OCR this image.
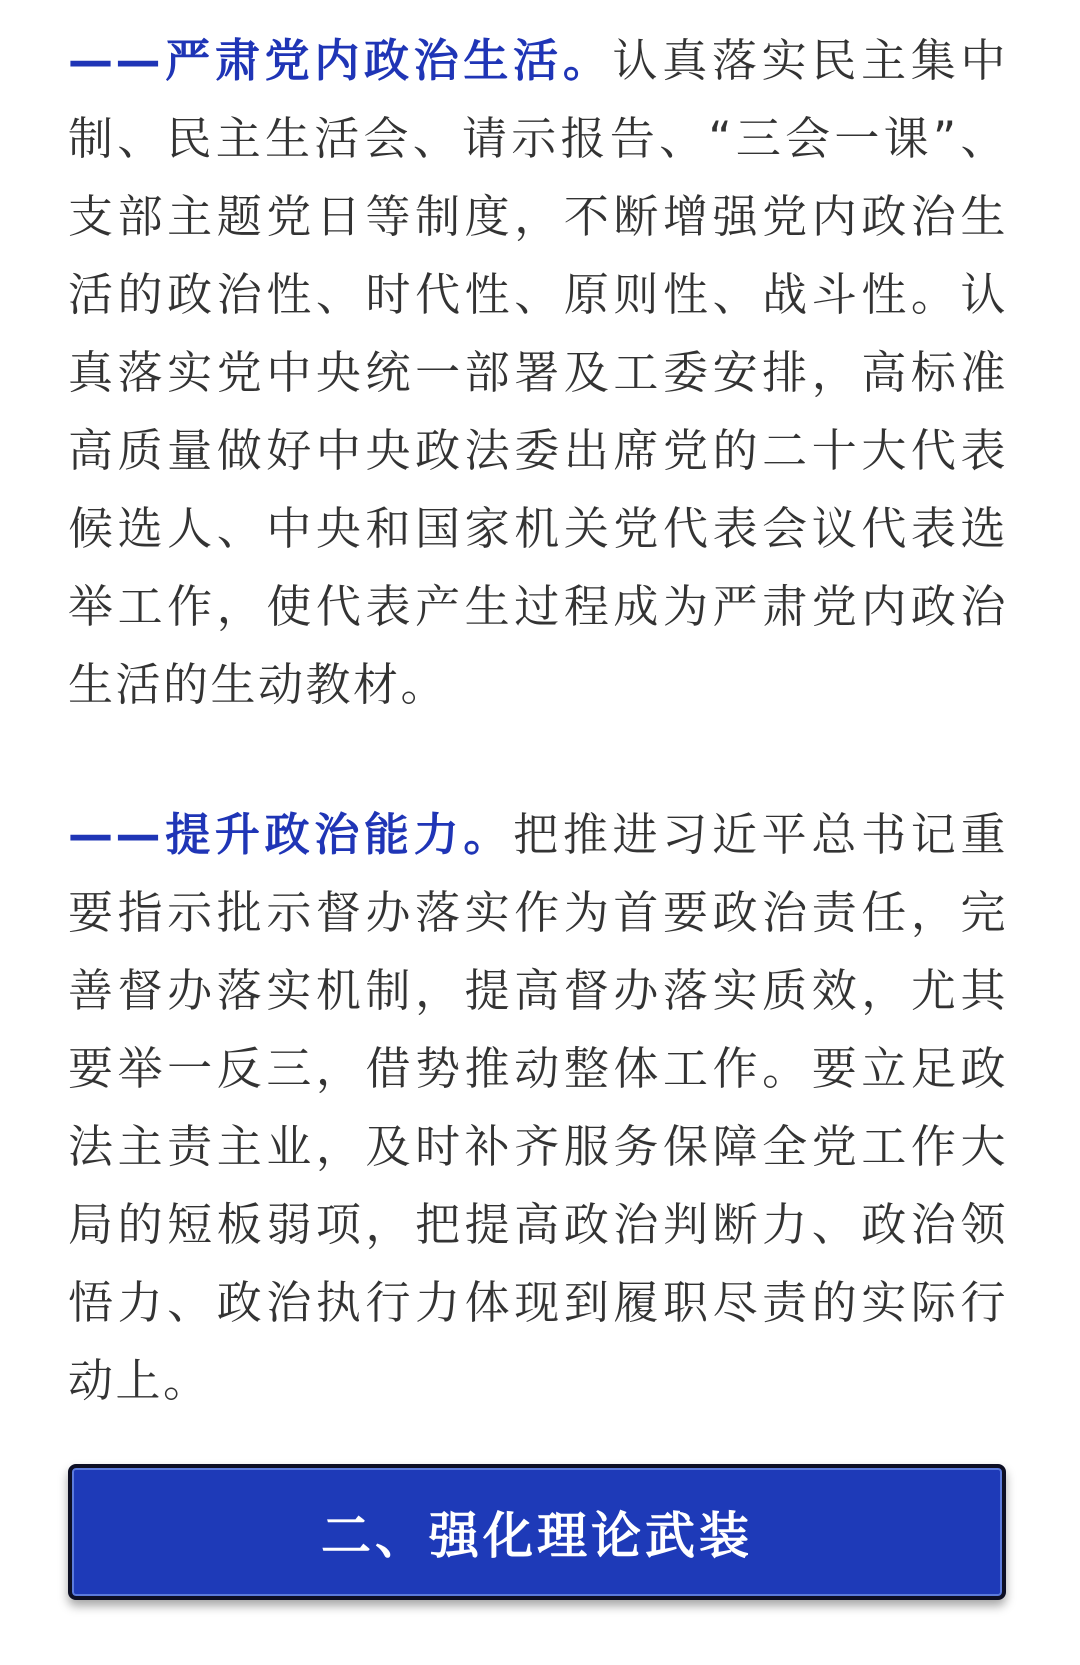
——严肃党内政治生活。认真落实民主集中制、民主生活会、请示报告、“三会一课”、支部主题党日等制度，不断增强党内政治生活的政治性、时代性、原则性、战斗性。认真落实党中央统一部署及工委安排，高标准高质量做好中央政法委出席党的二十大代表候选人、中央和国家机关党代表会议代表选举工作，使代表产生过程成为严肃党内政治生活的生动教材。

——提升政治能力。把推进习近平总书记重要指示批示督办落实作为首要政治责任，完善督办落实机制，提高督办落实质效，尤其要举一反三，借势推动整体工作。要立足政法主责主业，及时补齐服务保障全党工作大局的短板弱项，把提高政治判断力、政治领悟力、政治执行力体现到履职尽责的实际行动上。

二、强化理论武装
